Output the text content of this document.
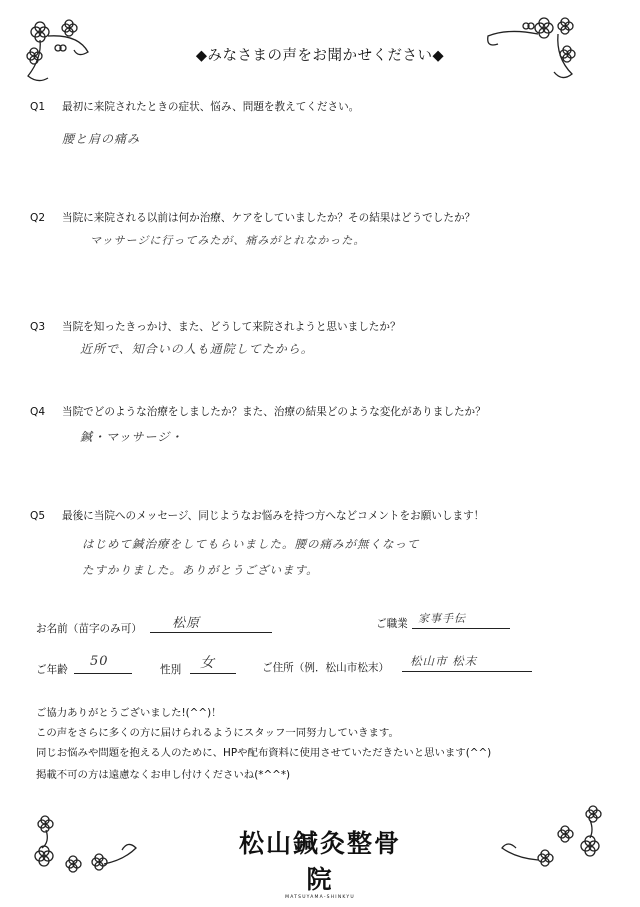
◆みなさまの声をお聞かせください◆
Q1 最初に来院されたときの症状、悩み、問題を教えてください。
腰と肩の痛み
Q2 当院に来院される以前は何か治療、ケアをしていましたか？その結果はどうでしたか？
マッサージに行ってみたが、痛みがとれなかった。
Q3 当院を知ったきっかけ、また、どうして来院されようと思いましたか？
近所で、知合いの人も通院してたから。
Q4 当院でどのような治療をしましたか？また、治療の結果どのような変化がありましたか？
鍼・マッサージ・
Q5 最後に当院へのメッセージ、同じようなお悩みを持つ方へなどコメントをお願いします！
はじめて鍼治療をしてもらいました。腰の痛みが無くなって
たすかりました。ありがとうございます。
お名前（苗字のみ可） 松原	ご職業 家事手伝
ご年齢
50
性別 女	ご住所（例．松山市松末） 松山市 松末
ご協力ありがとうございました!(^^)！
この声をさらに多くの方に届けられるようにスタッフ一同努力していきます。
同じお悩みや問題を抱える人のために、HPや配布資料に使用させていただきたいと思います(^^)
掲載不可の方は遠慮なくお申し付けくださいね(*^^*)
松山鍼灸整骨院
MATSUYAMA-SHINKYU
